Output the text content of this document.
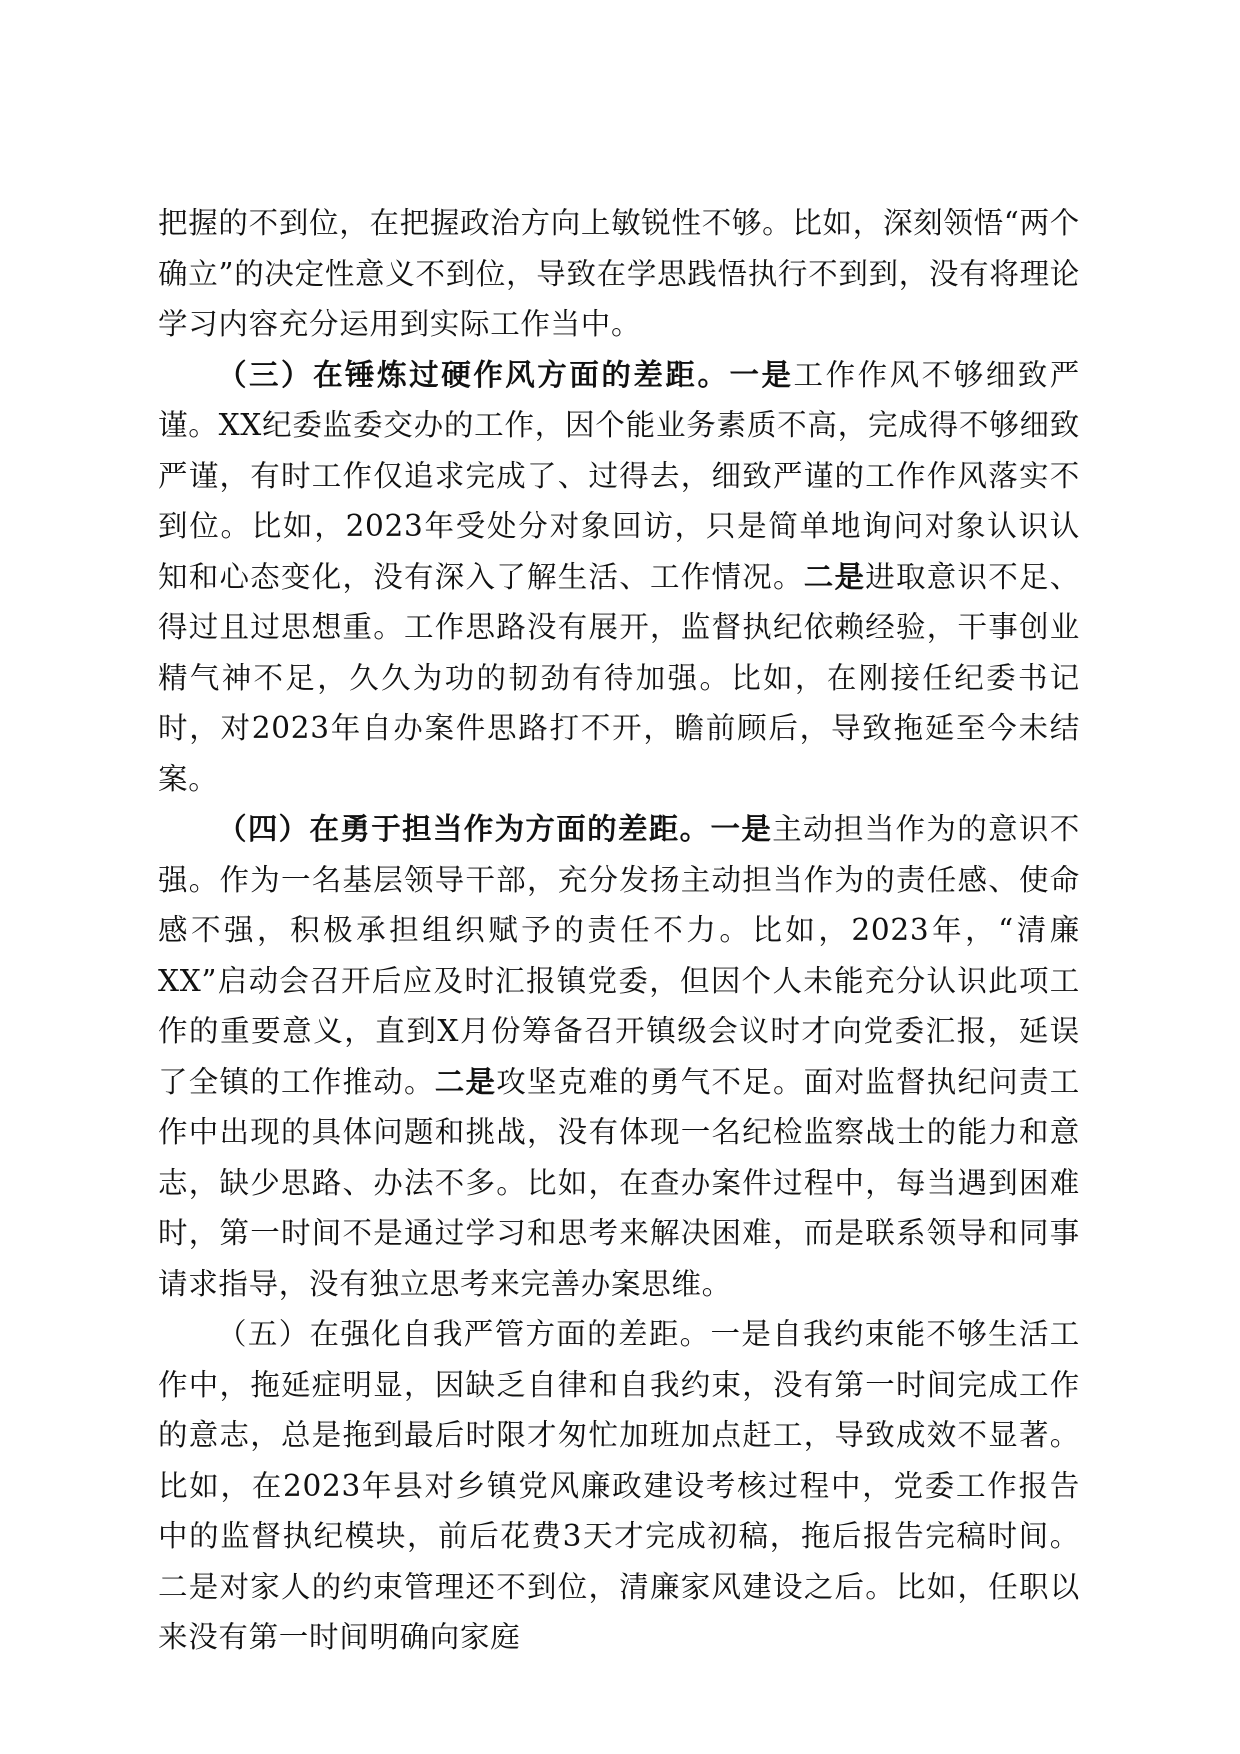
把握的不到位，在把握政治方向上敏锐性不够。比如，深刻领悟“两个确立”的决定性意义不到位，导致在学思践悟执行不到到，没有将理论学习内容充分运用到实际工作当中。

（三）在锤炼过硬作风方面的差距。一是工作作风不够细致严谨。XX纪委监委交办的工作，因个能业务素质不高，完成得不够细致严谨，有时工作仅追求完成了、过得去，细致严谨的工作作风落实不到位。比如，2023年受处分对象回访，只是简单地询问对象认识认知和心态变化，没有深入了解生活、工作情况。二是进取意识不足、得过且过思想重。工作思路没有展开，监督执纪依赖经验，干事创业精气神不足，久久为功的韧劲有待加强。比如，在刚接任纪委书记时，对2023年自办案件思路打不开，瞻前顾后，导致拖延至今未结案。

（四）在勇于担当作为方面的差距。一是主动担当作为的意识不强。作为一名基层领导干部，充分发扬主动担当作为的责任感、使命感不强，积极承担组织赋予的责任不力。比如，2023年，“清廉XX”启动会召开后应及时汇报镇党委，但因个人未能充分认识此项工作的重要意义，直到X月份筹备召开镇级会议时才向党委汇报，延误了全镇的工作推动。二是攻坚克难的勇气不足。面对监督执纪问责工作中出现的具体问题和挑战，没有体现一名纪检监察战士的能力和意志，缺少思路、办法不多。比如，在查办案件过程中，每当遇到困难时，第一时间不是通过学习和思考来解决困难，而是联系领导和同事请求指导，没有独立思考来完善办案思维。

（五）在强化自我严管方面的差距。一是自我约束能不够生活工作中，拖延症明显，因缺乏自律和自我约束，没有第一时间完成工作的意志，总是拖到最后时限才匆忙加班加点赶工，导致成效不显著。比如，在2023年县对乡镇党风廉政建设考核过程中，党委工作报告中的监督执纪模块，前后花费3天才完成初稿，拖后报告完稿时间。二是对家人的约束管理还不到位，清廉家风建设之后。比如，任职以来没有第一时间明确向家庭
